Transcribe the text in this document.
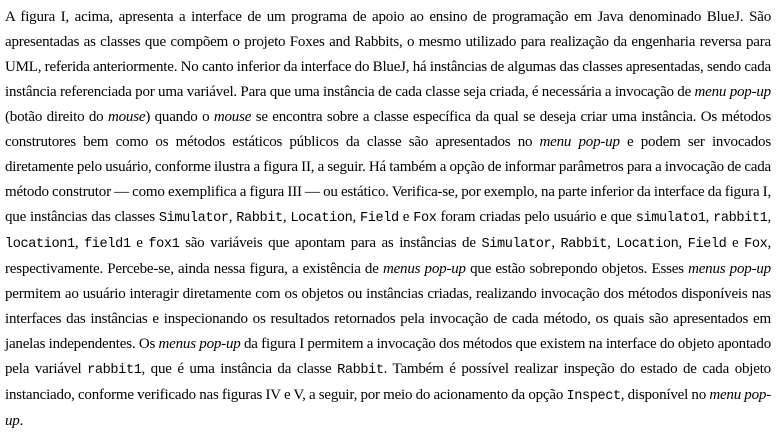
A figura I, acima, apresenta a interface de um programa de apoio ao ensino de programação em Java denominado BlueJ. São apresentadas as classes que compõem o projeto Foxes and Rabbits, o mesmo utilizado para realização da engenharia reversa para UML, referida anteriormente. No canto inferior da interface do BlueJ, há instâncias de algumas das classes apresentadas, sendo cada instância referenciada por uma variável. Para que uma instância de cada classe seja criada, é necessária a invocação de menu pop-up (botão direito do mouse) quando o mouse se encontra sobre a classe específica da qual se deseja criar uma instância. Os métodos construtores bem como os métodos estáticos públicos da classe são apresentados no menu pop-up e podem ser invocados diretamente pelo usuário, conforme ilustra a figura II, a seguir. Há também a opção de informar parâmetros para a invocação de cada método construtor — como exemplifica a figura III — ou estático. Verifica-se, por exemplo, na parte inferior da interface da figura I, que instâncias das classes Simulator, Rabbit, Location, Field e Fox foram criadas pelo usuário e que simulato1, rabbit1, location1, field1 e fox1 são variáveis que apontam para as instâncias de Simulator, Rabbit, Location, Field e Fox, respectivamente. Percebe-se, ainda nessa figura, a existência de menus pop-up que estão sobrepondo objetos. Esses menus pop-up permitem ao usuário interagir diretamente com os objetos ou instâncias criadas, realizando invocação dos métodos disponíveis nas interfaces das instâncias e inspecionando os resultados retornados pela invocação de cada método, os quais são apresentados em janelas independentes. Os menus pop-up da figura I permitem a invocação dos métodos que existem na interface do objeto apontado pela variável rabbit1, que é uma instância da classe Rabbit. Também é possível realizar inspeção do estado de cada objeto instanciado, conforme verificado nas figuras IV e V, a seguir, por meio do acionamento da opção Inspect, disponível no menu pop-up.
